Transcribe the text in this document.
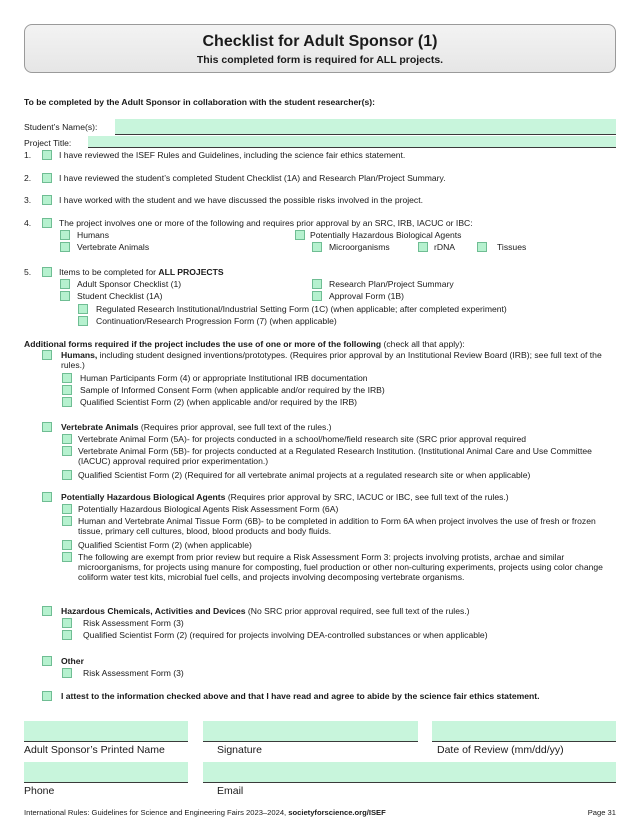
Checklist for Adult Sponsor (1)
This completed form is required for ALL projects.
To be completed by the Adult Sponsor in collaboration with the student researcher(s):
Student’s Name(s):
Project Title:
1.	I have reviewed the ISEF Rules and Guidelines, including the science fair ethics statement.
2.	I have reviewed the student’s completed Student Checklist (1A) and Research Plan/Project Summary.
3.	I have worked with the student and we have discussed the possible risks involved in the project.
4.	The project involves one or more of the following and requires prior approval by an SRC, IRB, IACUC or IBC:
Humans	Potentially Hazardous Biological Agents
Vertebrate Animals	Microorganisms	rDNA	Tissues
5.	Items to be completed for ALL PROJECTS
Adult Sponsor Checklist (1)	Research Plan/Project Summary
Student Checklist (1A)	Approval Form (1B)
Regulated Research Institutional/Industrial Setting Form (1C) (when applicable; after completed experiment)
Continuation/Research Progression Form (7) (when applicable)
Additional forms required if the project includes the use of one or more of the following (check all that apply):
Humans, including student designed inventions/prototypes. (Requires prior approval by an Institutional Review Board (IRB); see full text of the rules.)
Human Participants Form (4) or appropriate Institutional IRB documentation
Sample of Informed Consent Form (when applicable and/or required by the IRB)
Qualified Scientist Form (2) (when applicable and/or required by the IRB)
Vertebrate Animals (Requires prior approval, see full text of the rules.)
Vertebrate Animal Form (5A)- for projects conducted in a school/home/field research site (SRC prior approval required
Vertebrate Animal Form (5B)- for projects conducted at a Regulated Research Institution. (Institutional Animal Care and Use Committee (IACUC) approval required prior experimentation.)
Qualified Scientist Form (2) (Required for all vertebrate animal projects at a regulated research site or when applicable)
Potentially Hazardous Biological Agents (Requires prior approval by SRC, IACUC or IBC, see full text of the rules.)
Potentially Hazardous Biological Agents Risk Assessment Form (6A)
Human and Vertebrate Animal Tissue Form (6B)- to be completed in addition to Form 6A when project involves the use of fresh or frozen tissue, primary cell cultures, blood, blood products and body fluids.
Qualified Scientist Form (2) (when applicable)
The following are exempt from prior review but require a Risk Assessment Form 3: projects involving protists, archae and similar microorganisms, for projects using manure for composting, fuel production or other non-culturing experiments, projects using color change coliform water test kits, microbial fuel cells, and projects involving decomposing vertebrate organisms.
Hazardous Chemicals, Activities and Devices (No SRC prior approval required, see full text of the rules.)
Risk Assessment Form (3)
Qualified Scientist Form (2) (required for projects involving DEA-controlled substances or when applicable)
Other
Risk Assessment Form (3)
I attest to the information checked above and that I have read and agree to abide by the science fair ethics statement.
Adult Sponsor’s Printed Name	Signature	Date of Review (mm/dd/yy)
Phone	Email
International Rules: Guidelines for Science and Engineering Fairs 2023–2024, societyforscience.org/ISEF	Page 31
